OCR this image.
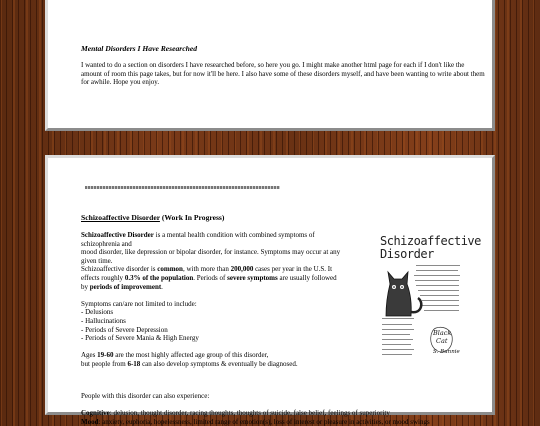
Mental Disorders I Have Researched
I wanted to do a section on disorders I have researched before, so here you go. I might make another html page for each if I don't like the amount of room this page takes, but for now it'll be here. I also have some of these disorders myself, and have been wanting to write about them for awhile. Hope you enjoy.
Schizoaffective Disorder (Work In Progress)
Schizoaffective Disorder is a mental health condition with combined symptoms of schizophrenia and
mood disorder, like depression or bipolar disorder, for instance. Symptoms may occur at any given time.
Schizoaffective disorder is common, with more than 200,000 cases per year in the U.S. It effects roughly 0.3% of the population. Periods of severe symptoms are usually followed by periods of improvement.
Symptoms can/are not limited to include:
- Delusions
- Hallucinations
- Periods of Severe Depression
- Periods of Severe Mania & High Energy
Ages 19-60 are the most highly affected age group of this disorder,
but people from 6-18 can also develop symptoms & eventually be diagnosed.
People with this disorder can also experience:
Cognitive: delusion, thought disorder, racing thoughts, thoughts of suicide, false belief, feelings of superiority
Mood: anxiety, euphoria, hopelessness, limited range of emotion(s), loss of interest or pleasure in activities, or mood swings
Schizoaffective
Disorder
Black
Cat
S. Bunnie
